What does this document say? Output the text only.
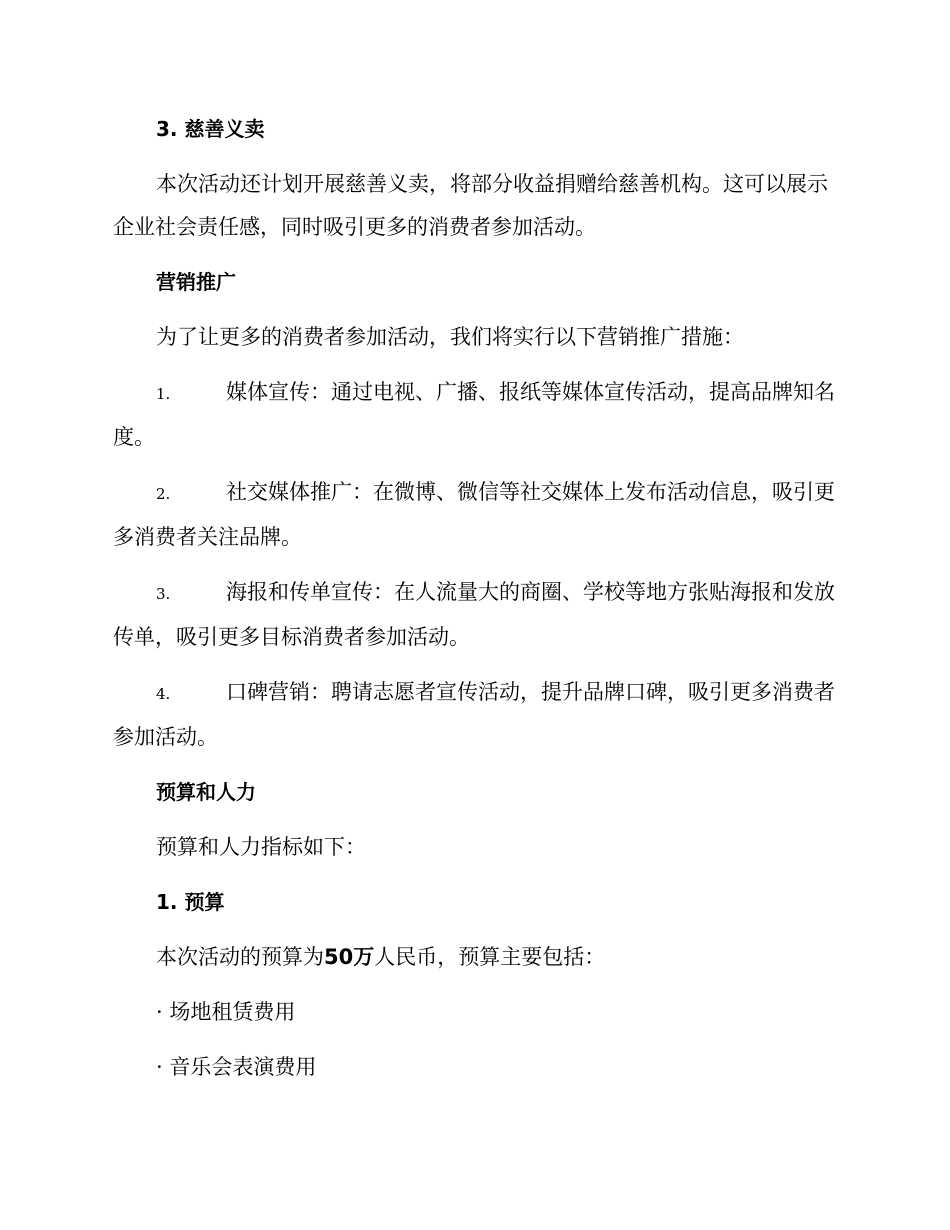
3. 慈善义卖

本次活动还计划开展慈善义卖，将部分收益捐赠给慈善机构。这可以展示企业社会责任感，同时吸引更多的消费者参加活动。

营销推广

为了让更多的消费者参加活动，我们将实行以下营销推广措施：

1.	媒体宣传：通过电视、广播、报纸等媒体宣传活动，提高品牌知名度。

2.	社交媒体推广：在微博、微信等社交媒体上发布活动信息，吸引更多消费者关注品牌。

3.	海报和传单宣传：在人流量大的商圈、学校等地方张贴海报和发放传单，吸引更多目标消费者参加活动。

4.	口碑营销：聘请志愿者宣传活动，提升品牌口碑，吸引更多消费者参加活动。

预算和人力

预算和人力指标如下：

1. 预算

本次活动的预算为50万人民币，预算主要包括：

· 场地租赁费用

· 音乐会表演费用
